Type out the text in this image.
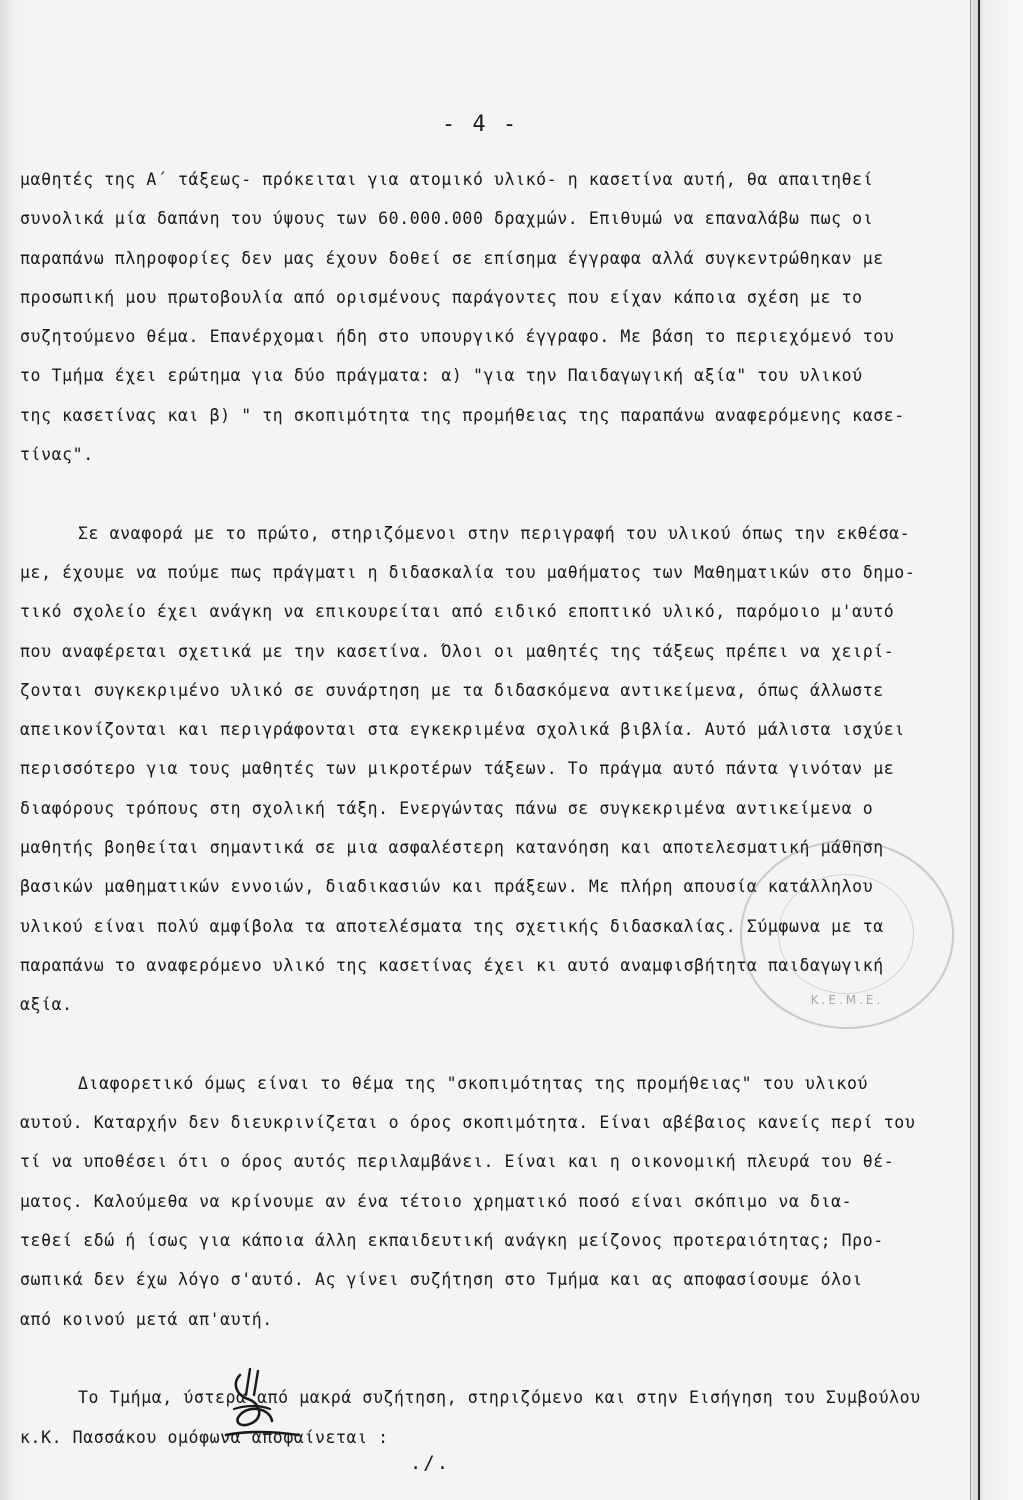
- 4 -
μαθητές της Α΄ τάξεως- πρόκειται για ατομικό υλικό- η κασετίνα αυτή, θα απαιτηθεί
συνολικά μία δαπάνη του ύψους των 60.000.000 δραχμών. Επιθυμώ να επαναλάβω πως οι
παραπάνω πληροφορίες δεν μας έχουν δοθεί σε επίσημα έγγραφα αλλά συγκεντρώθηκαν με
προσωπική μου πρωτοβουλία από ορισμένους παράγοντες που είχαν κάποια σχέση με το
συζητούμενο θέμα. Επανέρχομαι ήδη στο υπουργικό έγγραφο. Με βάση το περιεχόμενό του
το Τμήμα έχει ερώτημα για δύο πράγματα: α) "για την Παιδαγωγική αξία" του υλικού
της κασετίνας και β) " τη σκοπιμότητα της προμήθειας της παραπάνω αναφερόμενης κασε-
τίνας".
Σε αναφορά με το πρώτο, στηριζόμενοι στην περιγραφή του υλικού όπως την εκθέσα-
με, έχουμε να πούμε πως πράγματι η διδασκαλία του μαθήματος των Μαθηματικών στο δημο-
τικό σχολείο έχει ανάγκη να επικουρείται από ειδικό εποπτικό υλικό, παρόμοιο μ'αυτό
που αναφέρεται σχετικά με την κασετίνα. Όλοι οι μαθητές της τάξεως πρέπει να χειρί-
ζονται συγκεκριμένο υλικό σε συνάρτηση με τα διδασκόμενα αντικείμενα, όπως άλλωστε
απεικονίζονται και περιγράφονται στα εγκεκριμένα σχολικά βιβλία. Αυτό μάλιστα ισχύει
περισσότερο για τους μαθητές των μικροτέρων τάξεων. Το πράγμα αυτό πάντα γινόταν με
διαφόρους τρόπους στη σχολική τάξη. Ενεργώντας πάνω σε συγκεκριμένα αντικείμενα ο
μαθητής βοηθείται σημαντικά σε μια ασφαλέστερη κατανόηση και αποτελεσματική μάθηση
βασικών μαθηματικών εννοιών, διαδικασιών και πράξεων. Με πλήρη απουσία κατάλληλου
υλικού είναι πολύ αμφίβολα τα αποτελέσματα της σχετικής διδασκαλίας. Σύμφωνα με τα
παραπάνω το αναφερόμενο υλικό της κασετίνας έχει κι αυτό αναμφισβήτητα παιδαγωγική
αξία.
Διαφορετικό όμως είναι το θέμα της "σκοπιμότητας της προμήθειας" του υλικού
αυτού. Καταρχήν δεν διευκρινίζεται ο όρος σκοπιμότητα. Είναι αβέβαιος κανείς περί του
τί να υποθέσει ότι ο όρος αυτός περιλαμβάνει. Είναι και η οικονομική πλευρά του θέ-
ματος. Καλούμεθα να κρίνουμε αν ένα τέτοιο χρηματικό ποσό είναι σκόπιμο να δια-
τεθεί εδώ ή ίσως για κάποια άλλη εκπαιδευτική ανάγκη μείζονος προτεραιότητας; Προ-
σωπικά δεν έχω λόγο σ'αυτό. Ας γίνει συζήτηση στο Τμήμα και ας αποφασίσουμε όλοι
από κοινού μετά απ'αυτή.
Το Τμήμα, ύστερα από μακρά συζήτηση, στηριζόμενο και στην Εισήγηση του Συμβούλου
κ.Κ. Πασσάκου ομόφωνα αποφαίνεται :
Κ.Ε.Μ.Ε.
./.
